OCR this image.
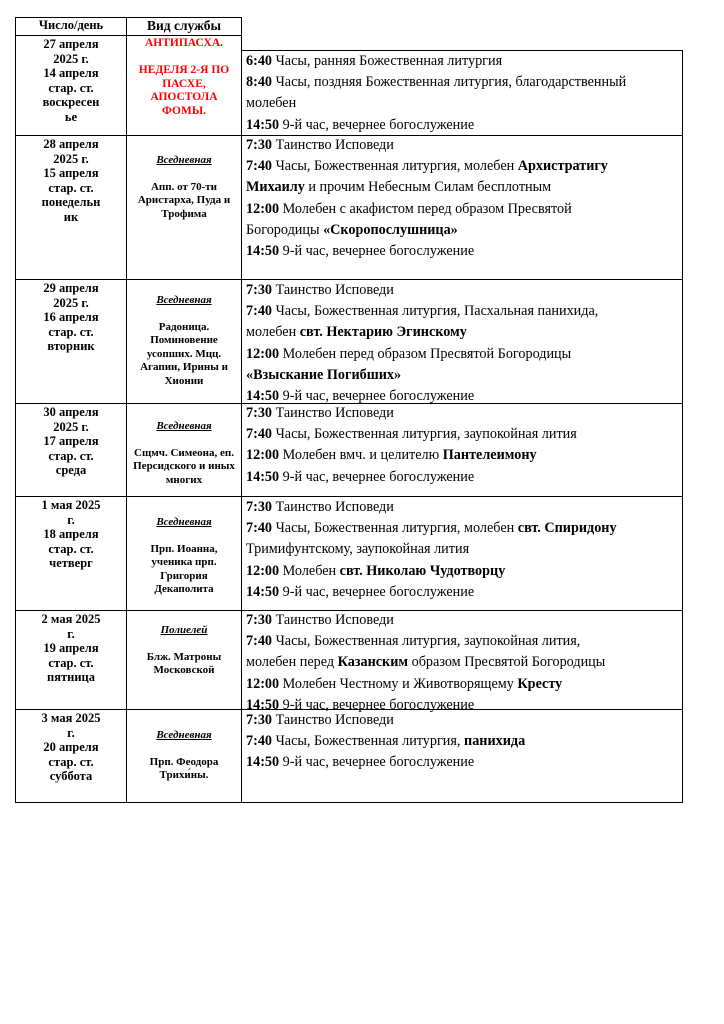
Число/день	Вид службы
27 апреля
2025 г.
14 апреля
стар. ст.
воскресен
ье
АНТИПАСХА.
НЕДЕЛЯ 2-Я ПО
ПАСХЕ, АПОСТОЛА
ФОМЫ.
6:40 Часы, ранняя Божественная литургия
8:40 Часы, поздняя Божественная литургия, благодарственный
молебен
14:50 9-й час, вечернее богослужение
28 апреля
2025 г.
15 апреля
стар. ст.
понедельн
ик
Вседневная
Апп. от 70-ти
Аристарха, Пуда и
Трофима
7:30 Таинство Исповеди
7:40 Часы, Божественная литургия, молебен Архистратигу
Михаилу и прочим Небесным Силам бесплотным
12:00 Молебен с акафистом перед образом Пресвятой
Богородицы «Скоропослушница»
14:50 9-й час, вечернее богослужение
29 апреля
2025 г.
16 апреля
стар. ст.
вторник
Вседневная
Радоница.
Поминовение
усопших. Мцц.
Агапии, Ирины и
Хионии
7:30 Таинство Исповеди
7:40 Часы, Божественная литургия, Пасхальная панихида,
молебен свт. Нектарию Эгинскому
12:00 Молебен перед образом Пресвятой Богородицы
«Взыскание Погибших»
14:50 9-й час, вечернее богослужение
30 апреля
2025 г.
17 апреля
стар. ст.
среда
Вседневная
Сщмч. Симеона, еп.
Персидского и иных
многих
7:30 Таинство Исповеди
7:40 Часы, Божественная литургия, заупокойная лития
12:00 Молебен вмч. и целителю Пантелеимону
14:50 9-й час, вечернее богослужение
1 мая 2025
г.
18 апреля
стар. ст.
четверг
Вседневная
Прп. Иоанна,
ученика прп.
Григория
Декаполита
7:30 Таинство Исповеди
7:40 Часы, Божественная литургия, молебен свт. Спиридону
Тримифунтскому, заупокойная лития
12:00 Молебен свт. Николаю Чудотворцу
14:50 9-й час, вечернее богослужение
2 мая 2025
г.
19 апреля
стар. ст.
пятница
Полиелей
Блж. Матроны
Московской
7:30 Таинство Исповеди
7:40 Часы, Божественная литургия, заупокойная лития,
молебен перед Казанским образом Пресвятой Богородицы
12:00 Молебен Честному и Животворящему Кресту
14:50 9-й час, вечернее богослужение
3 мая 2025
г.
20 апреля
стар. ст.
суббота
Вседневная
Прп. Феодора
Трихи́ны.
7:30 Таинство Исповеди
7:40 Часы, Божественная литургия, панихида
14:50 9-й час, вечернее богослужение
